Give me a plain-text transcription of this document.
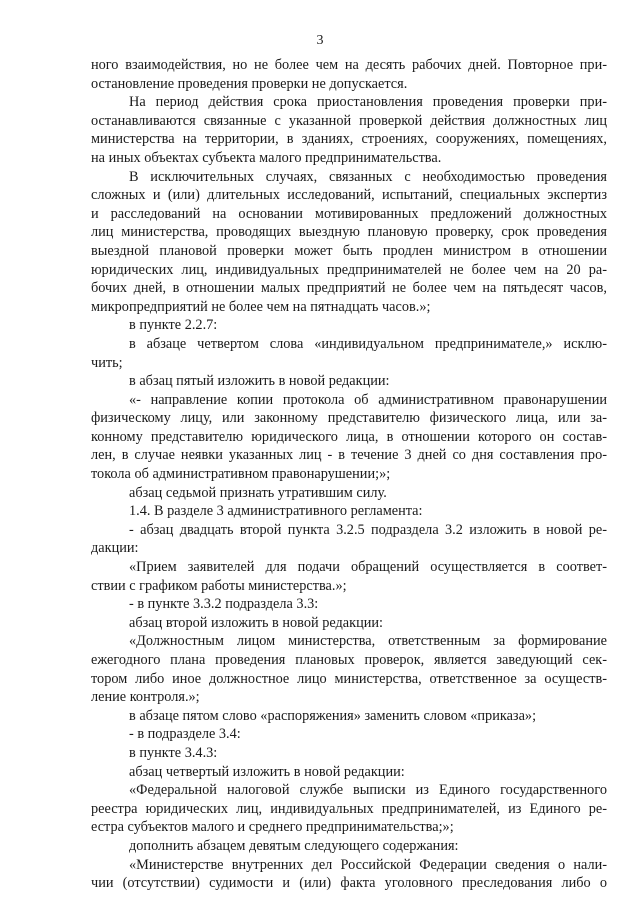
3
ного взаимодействия, но не более чем на десять рабочих дней. Повторное при-
остановление проведения проверки не допускается.
На период действия срока приостановления проведения проверки при-
останавливаются связанные с указанной проверкой действия должностных лиц
министерства на территории, в зданиях, строениях, сооружениях, помещениях,
на иных объектах субъекта малого предпринимательства.
В исключительных случаях, связанных с необходимостью проведения
сложных и (или) длительных исследований, испытаний, специальных экспертиз
и расследований на основании мотивированных предложений должностных
лиц министерства, проводящих выездную плановую проверку, срок проведения
выездной плановой проверки может быть продлен министром в отношении
юридических лиц, индивидуальных предпринимателей не более чем на 20 ра-
бочих дней, в отношении малых предприятий не более чем на пятьдесят часов,
микропредприятий не более чем на пятнадцать часов.»;
в пункте 2.2.7:
в абзаце четвертом слова «индивидуальном предпринимателе,» исклю-
чить;
в абзац пятый изложить в новой редакции:
«- направление копии протокола об административном правонарушении
физическому лицу, или законному представителю физического лица, или за-
конному представителю юридического лица, в отношении которого он состав-
лен, в случае неявки указанных лиц - в течение 3 дней со дня составления про-
токола об административном правонарушении;»;
абзац седьмой признать утратившим силу.
1.4. В разделе 3 административного регламента:
- абзац двадцать второй пункта 3.2.5 подраздела 3.2 изложить в новой ре-
дакции:
«Прием заявителей для подачи обращений осуществляется в соответ-
ствии с графиком работы министерства.»;
- в пункте 3.3.2 подраздела 3.3:
абзац второй изложить в новой редакции:
«Должностным лицом министерства, ответственным за формирование
ежегодного плана проведения плановых проверок, является заведующий сек-
тором либо иное должностное лицо министерства, ответственное за осуществ-
ление контроля.»;
в абзаце пятом слово «распоряжения» заменить словом «приказа»;
- в подразделе 3.4:
в пункте 3.4.3:
абзац четвертый изложить в новой редакции:
«Федеральной налоговой службе выписки из Единого государственного
реестра юридических лиц, индивидуальных предпринимателей, из Единого ре-
естра субъектов малого и среднего предпринимательства;»;
дополнить абзацем девятым следующего содержания:
«Министерстве внутренних дел Российской Федерации сведения о нали-
чии (отсутствии) судимости и (или) факта уголовного преследования либо о
